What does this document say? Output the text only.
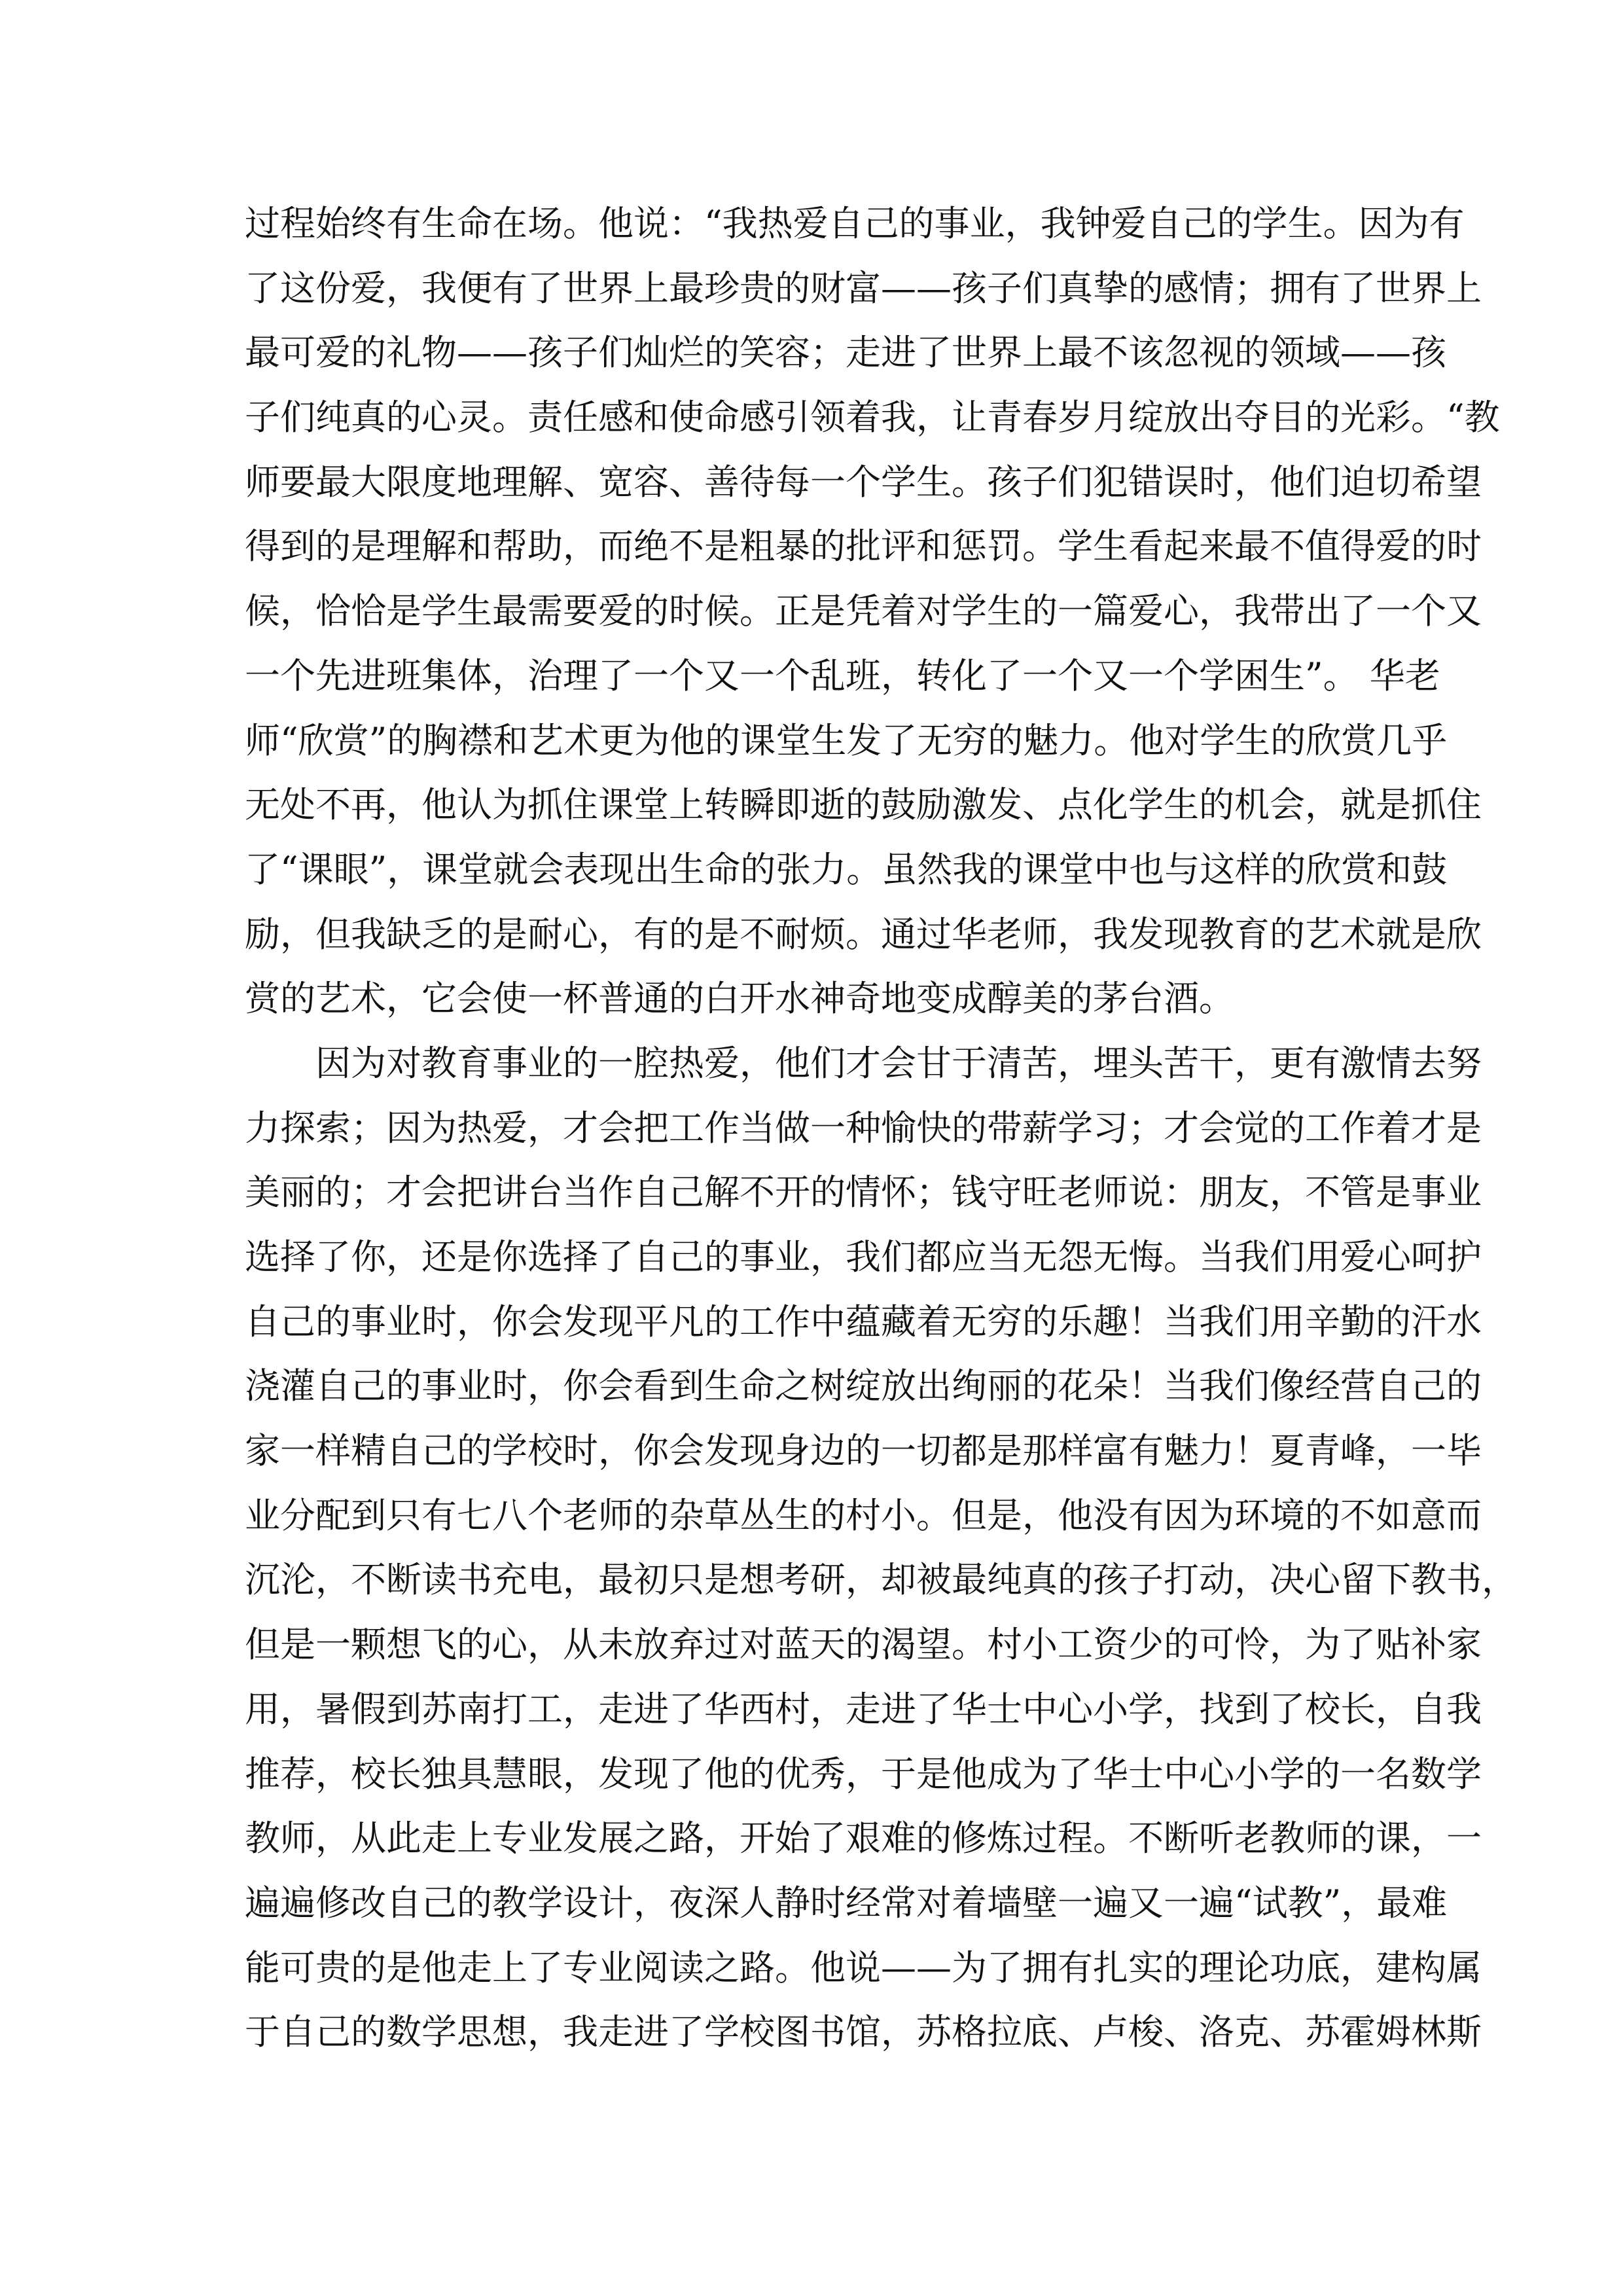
过程始终有生命在场。他说：“我热爱自己的事业，我钟爱自己的学生。因为有
了这份爱，我便有了世界上最珍贵的财富——孩子们真挚的感情；拥有了世界上
最可爱的礼物——孩子们灿烂的笑容；走进了世界上最不该忽视的领域——孩
子们纯真的心灵。责任感和使命感引领着我，让青春岁月绽放出夺目的光彩。“教
师要最大限度地理解、宽容、善待每一个学生。孩子们犯错误时，他们迫切希望
得到的是理解和帮助，而绝不是粗暴的批评和惩罚。学生看起来最不值得爱的时
候，恰恰是学生最需要爱的时候。正是凭着对学生的一篇爱心，我带出了一个又
一个先进班集体，治理了一个又一个乱班，转化了一个又一个学困生”。 华老
师“欣赏”的胸襟和艺术更为他的课堂生发了无穷的魅力。他对学生的欣赏几乎
无处不再，他认为抓住课堂上转瞬即逝的鼓励激发、点化学生的机会，就是抓住
了“课眼”，课堂就会表现出生命的张力。虽然我的课堂中也与这样的欣赏和鼓
励，但我缺乏的是耐心，有的是不耐烦。通过华老师，我发现教育的艺术就是欣
赏的艺术，它会使一杯普通的白开水神奇地变成醇美的茅台酒。
因为对教育事业的一腔热爱，他们才会甘于清苦，埋头苦干，更有激情去努
力探索；因为热爱，才会把工作当做一种愉快的带薪学习；才会觉的工作着才是
美丽的；才会把讲台当作自己解不开的情怀；钱守旺老师说：朋友，不管是事业
选择了你，还是你选择了自己的事业，我们都应当无怨无悔。当我们用爱心呵护
自己的事业时，你会发现平凡的工作中蕴藏着无穷的乐趣！当我们用辛勤的汗水
浇灌自己的事业时，你会看到生命之树绽放出绚丽的花朵！当我们像经营自己的
家一样精自己的学校时，你会发现身边的一切都是那样富有魅力！夏青峰，一毕
业分配到只有七八个老师的杂草丛生的村小。但是，他没有因为环境的不如意而
沉沦，不断读书充电，最初只是想考研，却被最纯真的孩子打动，决心留下教书，
但是一颗想飞的心，从未放弃过对蓝天的渴望。村小工资少的可怜，为了贴补家
用，暑假到苏南打工，走进了华西村，走进了华士中心小学，找到了校长，自我
推荐，校长独具慧眼，发现了他的优秀，于是他成为了华士中心小学的一名数学
教师，从此走上专业发展之路，开始了艰难的修炼过程。不断听老教师的课，一
遍遍修改自己的教学设计，夜深人静时经常对着墙壁一遍又一遍“试教”，最难
能可贵的是他走上了专业阅读之路。他说——为了拥有扎实的理论功底，建构属
于自己的数学思想，我走进了学校图书馆，苏格拉底、卢梭、洛克、苏霍姆林斯
